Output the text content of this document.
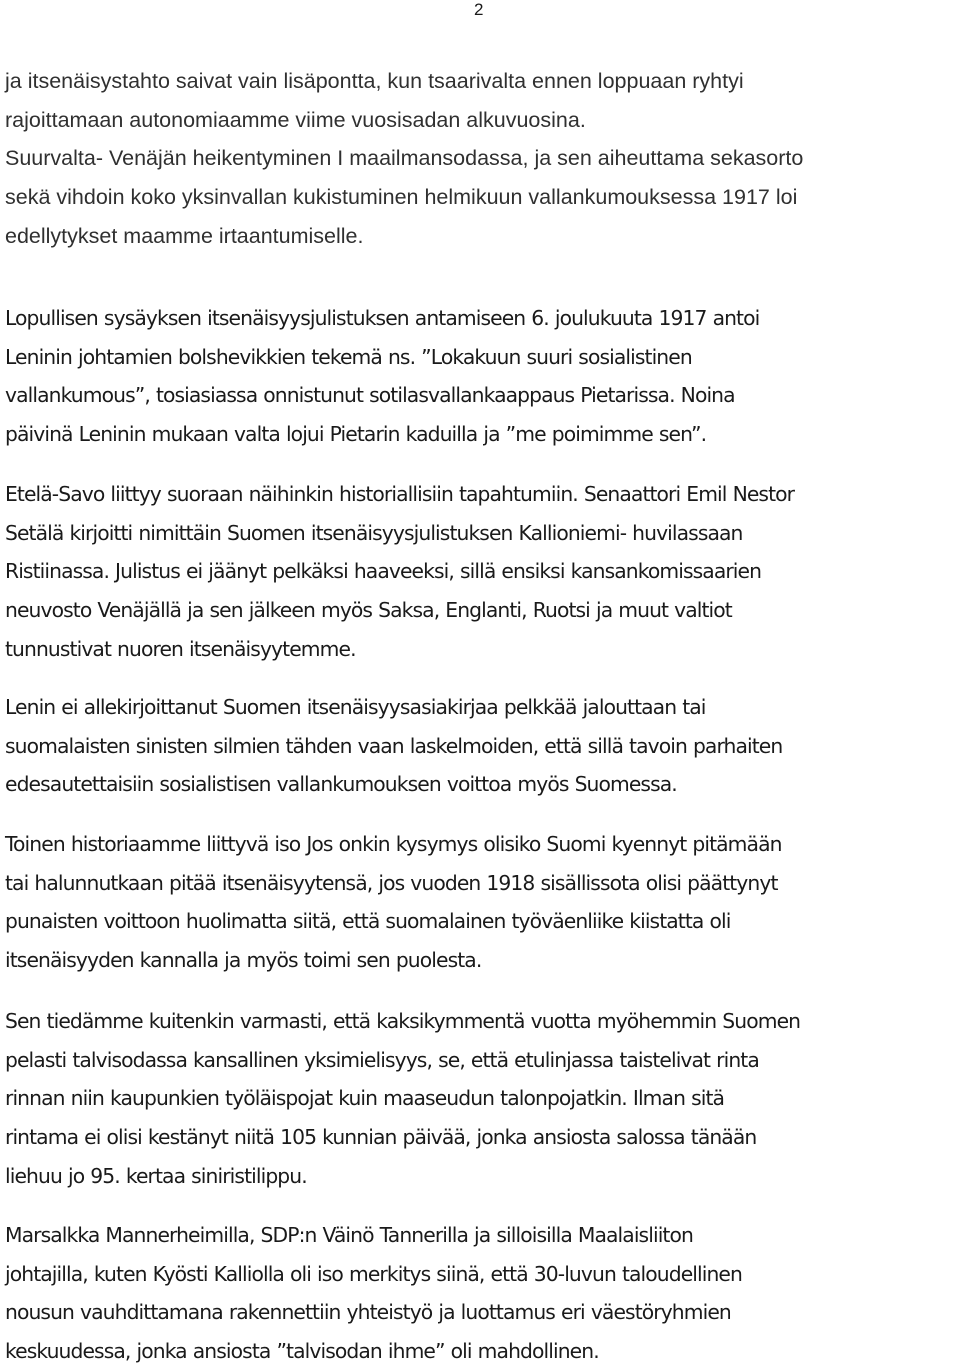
2
ja itsenäisystahto saivat vain lisäpontta, kun tsaarivalta ennen loppuaan ryhtyi
rajoittamaan autonomiaamme viime vuosisadan alkuvuosina.
Suurvalta- Venäjän heikentyminen I maailmansodassa, ja sen aiheuttama sekasorto
sekä vihdoin koko yksinvallan kukistuminen helmikuun vallankumouksessa 1917 loi
edellytykset maamme irtaantumiselle.
Lopullisen sysäyksen itsenäisyysjulistuksen antamiseen 6. joulukuuta 1917 antoi
Leninin johtamien bolshevikkien tekemä ns. ”Lokakuun suuri sosialistinen
vallankumous”, tosiasiassa onnistunut sotilasvallankaappaus Pietarissa. Noina
päivinä Leninin mukaan valta lojui Pietarin kaduilla ja ”me poimimme sen”.
Etelä-Savo liittyy suoraan näihinkin historiallisiin tapahtumiin. Senaattori Emil Nestor
Setälä kirjoitti nimittäin Suomen itsenäisyysjulistuksen Kallioniemi- huvilassaan
Ristiinassa. Julistus ei jäänyt pelkäksi haaveeksi, sillä ensiksi kansankomissaarien
neuvosto Venäjällä ja sen jälkeen myös Saksa, Englanti, Ruotsi ja muut valtiot
tunnustivat nuoren itsenäisyytemme.
Lenin ei allekirjoittanut Suomen itsenäisyysasiakirjaa pelkkää jalouttaan tai
suomalaisten sinisten silmien tähden vaan laskelmoiden, että sillä tavoin parhaiten
edesautettaisiin sosialistisen vallankumouksen voittoa myös Suomessa.
Toinen historiaamme liittyvä iso Jos onkin kysymys olisiko Suomi kyennyt pitämään
tai halunnutkaan pitää itsenäisyytensä, jos vuoden 1918 sisällissota olisi päättynyt
punaisten voittoon huolimatta siitä, että suomalainen työväenliike kiistatta oli
itsenäisyyden kannalla ja myös toimi sen puolesta.
Sen tiedämme kuitenkin varmasti, että kaksikymmentä vuotta myöhemmin Suomen
pelasti talvisodassa kansallinen yksimielisyys, se, että etulinjassa taistelivat rinta
rinnan niin kaupunkien työläispojat kuin maaseudun talonpojatkin. Ilman sitä
rintama ei olisi kestänyt niitä 105 kunnian päivää, jonka ansiosta salossa tänään
liehuu jo 95. kertaa siniristilippu.
Marsalkka Mannerheimilla, SDP:n Väinö Tannerilla ja silloisilla Maalaisliiton
johtajilla, kuten Kyösti Kalliolla oli iso merkitys siinä, että 30-luvun taloudellinen
nousun vauhdittamana rakennettiin yhteistyö ja luottamus eri väestöryhmien
keskuudessa, jonka ansiosta ”talvisodan ihme” oli mahdollinen.
